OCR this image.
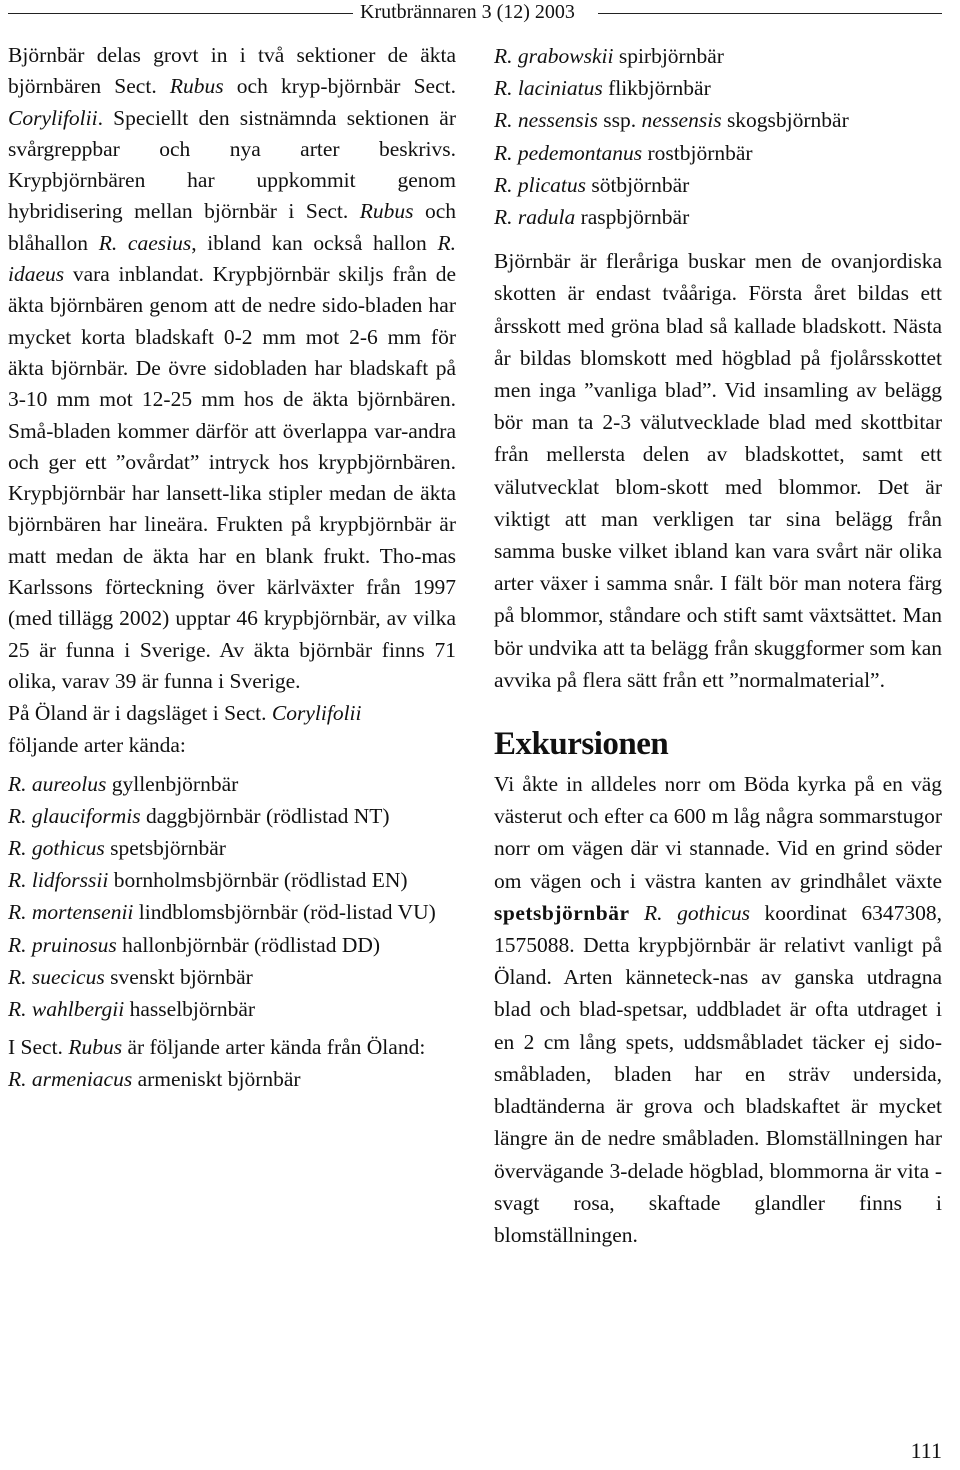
Krutbrännaren 3 (12) 2003

Björnbär delas grovt in i två sektioner de äkta björnbären Sect. Rubus och kryp-björnbär Sect. Corylifolii. Speciellt den sistnämnda sektionen är svårgreppbar och nya arter beskrivs. Krypbjörnbären har uppkommit genom hybridisering mellan björnbär i Sect. Rubus och blåhallon R. caesius, ibland kan också hallon R. idaeus vara inblandat. Krypbjörnbär skiljs från de äkta björnbären genom att de nedre sido-bladen har mycket korta bladskaft 0-2 mm mot 2-6 mm för äkta björnbär. De övre sidobladen har bladskaft på 3-10 mm mot 12-25 mm hos de äkta björnbären. Små-bladen kommer därför att överlappa var-andra och ger ett ”ovårdat” intryck hos krypbjörnbären. Krypbjörnbär har lansett-lika stipler medan de äkta björnbären har lineära. Frukten på krypbjörnbär är matt medan de äkta har en blank frukt. Tho-mas Karlssons förteckning över kärlväxter från 1997 (med tillägg 2002) upptar 46 krypbjörnbär, av vilka 25 är funna i Sverige. Av äkta björnbär finns 71 olika, varav 39 är funna i Sverige.

På Öland är i dagsläget i Sect. Corylifolii
följande arter kända:

R. aureolus gyllenbjörnbär
R. glauciformis daggbjörnbär (rödlistad NT)
R. gothicus spetsbjörnbär
R. lidforssii bornholmsbjörnbär (rödlistad EN)
R. mortensenii lindblomsbjörnbär (röd-listad VU)
R. pruinosus hallonbjörnbär (rödlistad DD)
R. suecicus svenskt björnbär
R. wahlbergii hasselbjörnbär

I Sect. Rubus är följande arter kända från Öland:

R. armeniacus armeniskt björnbär
R. grabowskii spirbjörnbär
R. laciniatus flikbjörnbär
R. nessensis ssp. nessensis skogsbjörnbär
R. pedemontanus rostbjörnbär
R. plicatus sötbjörnbär
R. radula raspbjörnbär

Björnbär är fleråriga buskar men de ovanjordiska skotten är endast tvååriga. Första året bildas ett årsskott med gröna blad så kallade bladskott. Nästa år bildas blomskott med högblad på fjolårsskottet men inga ”vanliga blad”. Vid insamling av belägg bör man ta 2-3 välutvecklade blad med skottbitar från mellersta delen av bladskottet, samt ett välutvecklat blom-skott med blommor. Det är viktigt att man verkligen tar sina belägg från samma buske vilket ibland kan vara svårt när olika arter växer i samma snår. I fält bör man notera färg på blommor, ståndare och stift samt växtsättet. Man bör undvika att ta belägg från skuggformer som kan avvika på flera sätt från ett ”normalmaterial”.

Exkursionen

Vi åkte in alldeles norr om Böda kyrka på en väg västerut och efter ca 600 m låg några sommarstugor norr om vägen där vi stannade. Vid en grind söder om vägen och i västra kanten av grindhålet växte spetsbjörnbär R. gothicus koordinat 6347308, 1575088. Detta krypbjörnbär är relativt vanligt på Öland. Arten känneteck-nas av ganska utdragna blad och blad-spetsar, uddbladet är ofta utdraget i en 2 cm lång spets, uddsmåbladet täcker ej sido-småbladen, bladen har en sträv undersida, bladtänderna är grova och bladskaftet är mycket längre än de nedre småbladen. Blomställningen har övervägande 3-delade högblad, blommorna är vita - svagt rosa, skaftade glandler finns i blomställningen.

111
